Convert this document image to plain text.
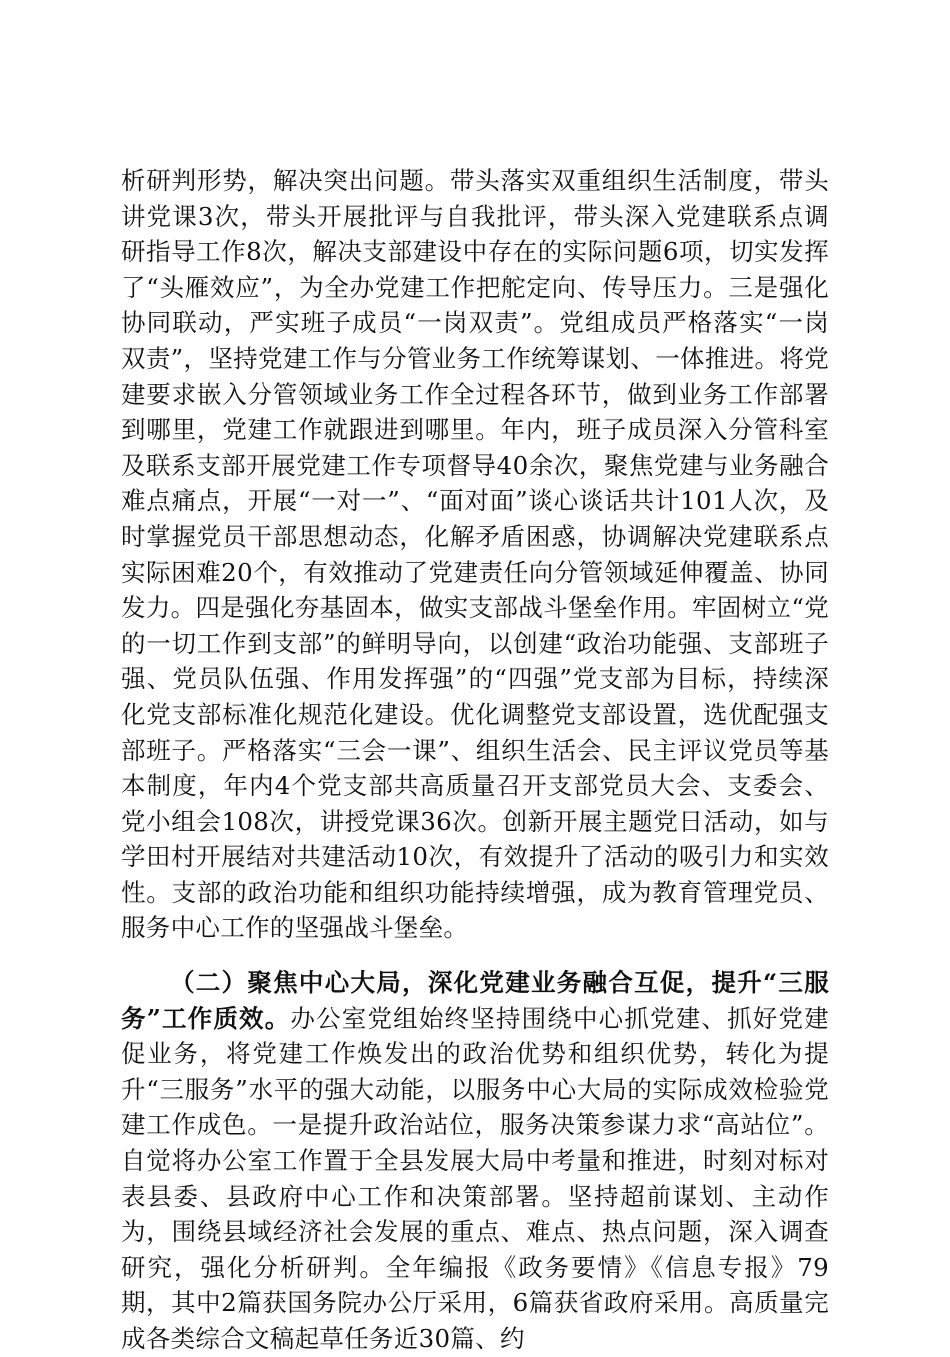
析研判形势，解决突出问题。带头落实双重组织生活制度，带头讲党课3次，带头开展批评与自我批评，带头深入党建联系点调研指导工作8次，解决支部建设中存在的实际问题6项，切实发挥了“头雁效应”，为全办党建工作把舵定向、传导压力。三是强化协同联动，严实班子成员“一岗双责”。党组成员严格落实“一岗双责”，坚持党建工作与分管业务工作统筹谋划、一体推进。将党建要求嵌入分管领域业务工作全过程各环节，做到业务工作部署到哪里，党建工作就跟进到哪里。年内，班子成员深入分管科室及联系支部开展党建工作专项督导40余次，聚焦党建与业务融合难点痛点，开展“一对一”、“面对面”谈心谈话共计101人次，及时掌握党员干部思想动态，化解矛盾困惑，协调解决党建联系点实际困难20个，有效推动了党建责任向分管领域延伸覆盖、协同发力。四是强化夯基固本，做实支部战斗堡垒作用。牢固树立“党的一切工作到支部”的鲜明导向，以创建“政治功能强、支部班子强、党员队伍强、作用发挥强”的“四强”党支部为目标，持续深化党支部标准化规范化建设。优化调整党支部设置，选优配强支部班子。严格落实“三会一课”、组织生活会、民主评议党员等基本制度，年内4个党支部共高质量召开支部党员大会、支委会、党小组会108次，讲授党课36次。创新开展主题党日活动，如与学田村开展结对共建活动10次，有效提升了活动的吸引力和实效性。支部的政治功能和组织功能持续增强，成为教育管理党员、服务中心工作的坚强战斗堡垒。

（二）聚焦中心大局，深化党建业务融合互促，提升“三服务”工作质效。办公室党组始终坚持围绕中心抓党建、抓好党建促业务，将党建工作焕发出的政治优势和组织优势，转化为提升“三服务”水平的强大动能，以服务中心大局的实际成效检验党建工作成色。一是提升政治站位，服务决策参谋力求“高站位”。自觉将办公室工作置于全县发展大局中考量和推进，时刻对标对表县委、县政府中心工作和决策部署。坚持超前谋划、主动作为，围绕县域经济社会发展的重点、难点、热点问题，深入调查研究，强化分析研判。全年编报《政务要情》《信息专报》79期，其中2篇获国务院办公厅采用，6篇获省政府采用。高质量完成各类综合文稿起草任务近30篇、约
